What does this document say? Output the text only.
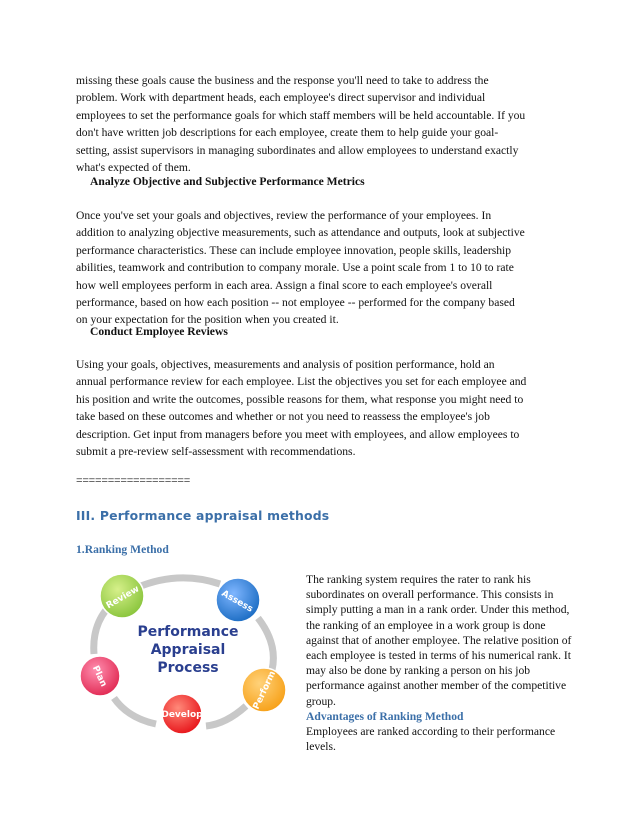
missing these goals cause the business and the response you'll need to take to address the

problem. Work with department heads, each employee's direct supervisor and individual

employees to set the performance goals for which staff members will be held accountable. If you

don't have written job descriptions for each employee, create them to help guide your goal-

setting, assist supervisors in managing subordinates and allow employees to understand exactly

what's expected of them.

Analyze Objective and Subjective Performance Metrics

Once you've set your goals and objectives, review the performance of your employees. In

addition to analyzing objective measurements, such as attendance and outputs, look at subjective

performance characteristics. These can include employee innovation, people skills, leadership

abilities, teamwork and contribution to company morale. Use a point scale from 1 to 10 to rate

how well employees perform in each area. Assign a final score to each employee's overall

performance, based on how each position -- not employee -- performed for the company based

on your expectation for the position when you created it.

Conduct Employee Reviews

Using your goals, objectives, measurements and analysis of position performance, hold an

annual performance review for each employee. List the objectives you set for each employee and

his position and write the outcomes, possible reasons for them, what response you might need to

take based on these outcomes and whether or not you need to reassess the employee's job

description. Get input from managers before you meet with employees, and allow employees to

submit a pre-review self-assessment with recommendations.

==================
III. Performance appraisal methods
1.Ranking Method
Performance
Appraisal
Process
Review	Assess
Perform
Develop
Plan

The ranking system requires the rater to rank his

subordinates on overall performance. This consists in

simply putting a man in a rank order. Under this method,

the ranking of an employee in a work group is done

against that of another employee. The relative position of

each employee is tested in terms of his numerical rank. It

may also be done by ranking a person on his job

performance against another member of the competitive

group.

Advantages of Ranking Method

Employees are ranked according to their performance

levels.
